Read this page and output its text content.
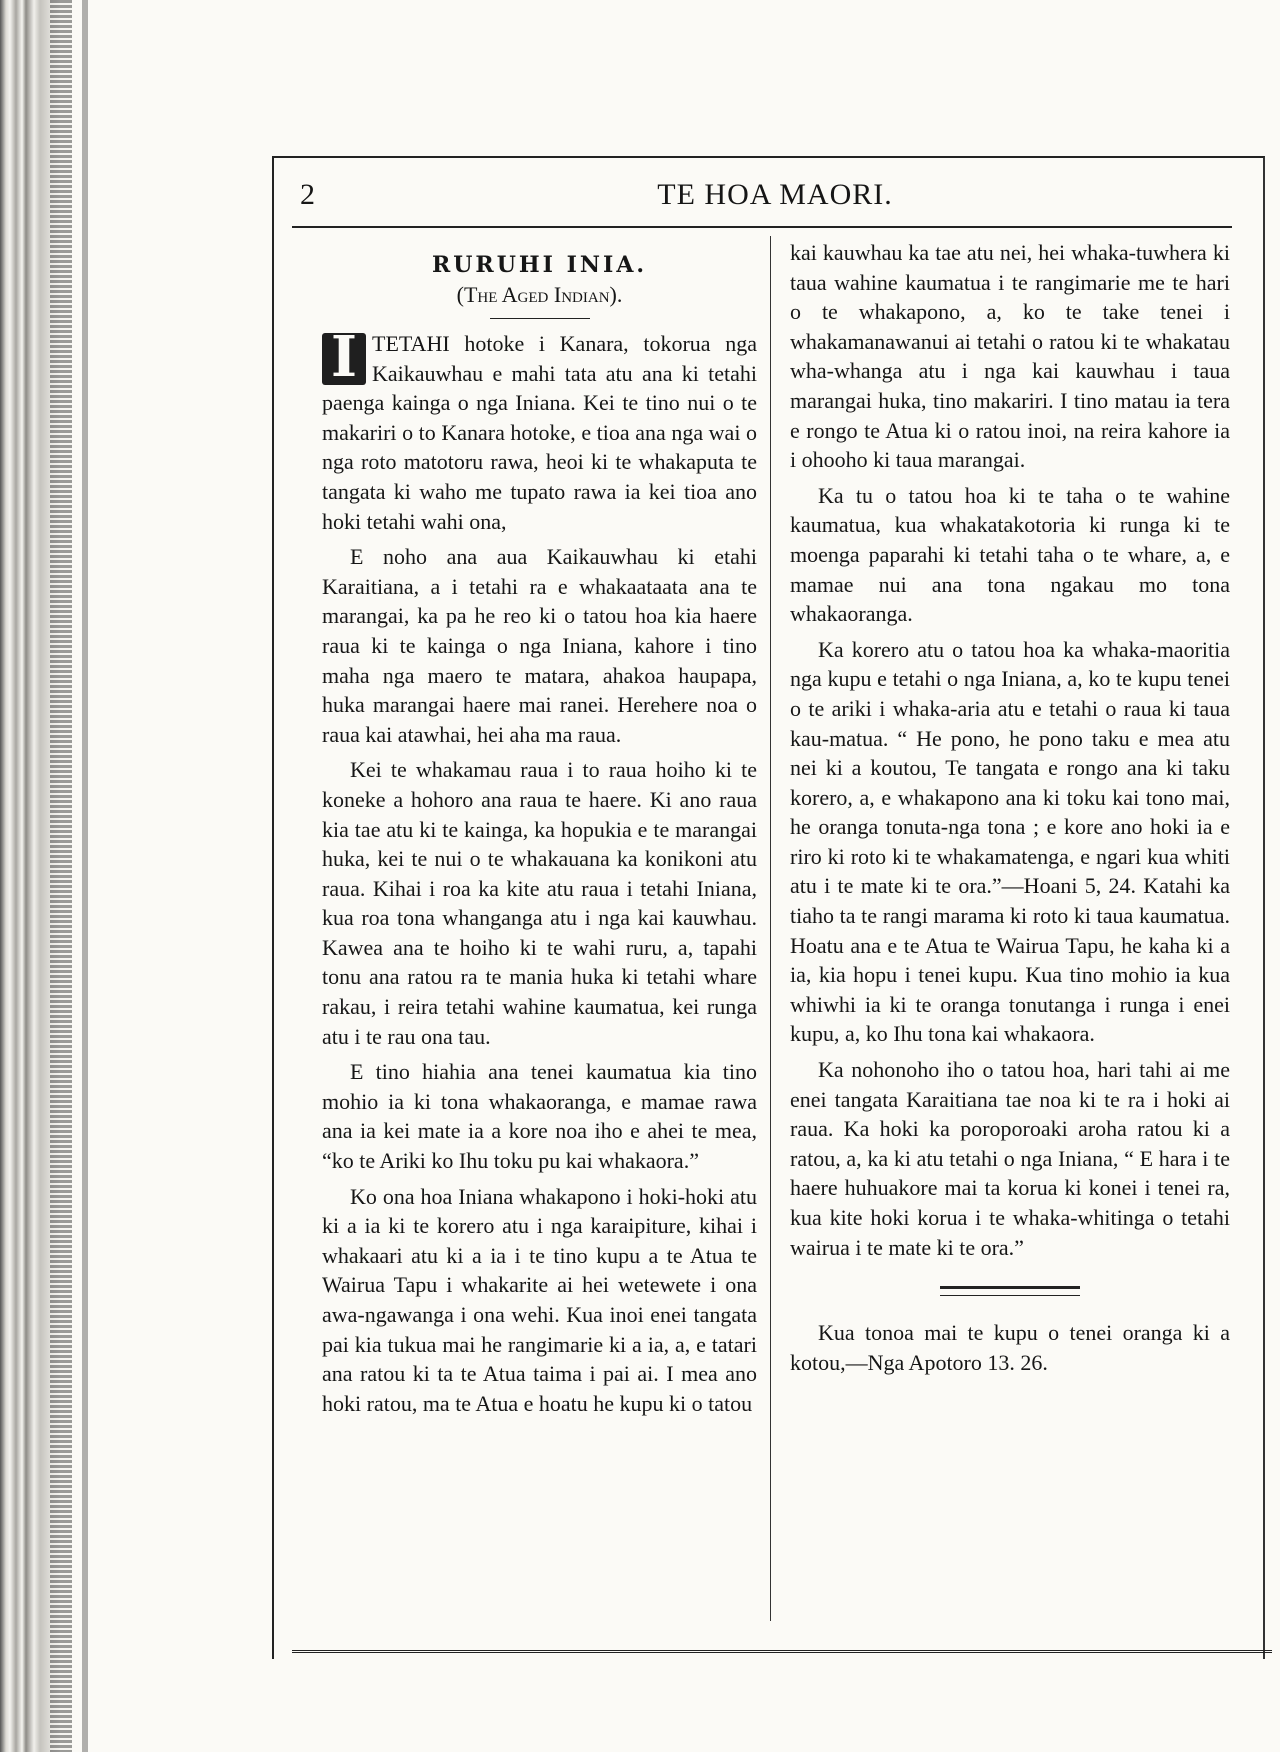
2	TE HOA MAORI.
RURUHI INIA.
(The Aged Indian).

I TETAHI hotoke i Kanara, tokorua nga Kaikauwhau e mahi tata atu ana ki tetahi paenga kainga o nga Iniana. Kei te tino nui o te makariri o to Kanara hotoke, e tioa ana nga wai o nga roto matotoru rawa, heoi ki te whakaputa te tangata ki waho me tupato rawa ia kei tioa ano hoki tetahi wahi ona,

E noho ana aua Kaikauwhau ki etahi Karaitiana, a i tetahi ra e whakaataata ana te marangai, ka pa he reo ki o tatou hoa kia haere raua ki te kainga o nga Iniana, kahore i tino maha nga maero te matara, ahakoa haupapa, huka marangai haere mai ranei. Herehere noa o raua kai atawhai, hei aha ma raua.

Kei te whakamau raua i to raua hoiho ki te koneke a hohoro ana raua te haere. Ki ano raua kia tae atu ki te kainga, ka hopukia e te marangai huka, kei te nui o te whakauana ka konikoni atu raua. Kihai i roa ka kite atu raua i tetahi Iniana, kua roa tona whanganga atu i nga kai kauwhau. Kawea ana te hoiho ki te wahi ruru, a, tapahi tonu ana ratou ra te mania huka ki tetahi whare rakau, i reira tetahi wahine kaumatua, kei runga atu i te rau ona tau.

E tino hiahia ana tenei kaumatua kia tino mohio ia ki tona whakaoranga, e mamae rawa ana ia kei mate ia a kore noa iho e ahei te mea, “ko te Ariki ko Ihu toku pu kai whakaora.”

Ko ona hoa Iniana whakapono i hoki-hoki atu ki a ia ki te korero atu i nga karaipiture, kihai i whakaari atu ki a ia i te tino kupu a te Atua te Wairua Tapu i whakarite ai hei wetewete i ona awa-ngawanga i ona wehi. Kua inoi enei tangata pai kia tukua mai he rangimarie ki a ia, a, e tatari ana ratou ki ta te Atua taima i pai ai. I mea ano hoki ratou, ma te Atua e hoatu he kupu ki o tatou

kai kauwhau ka tae atu nei, hei whaka-tuwhera ki taua wahine kaumatua i te rangimarie me te hari o te whakapono, a, ko te take tenei i whakamanawanui ai tetahi o ratou ki te whakatau wha-whanga atu i nga kai kauwhau i taua marangai huka, tino makariri. I tino matau ia tera e rongo te Atua ki o ratou inoi, na reira kahore ia i ohooho ki taua marangai.

Ka tu o tatou hoa ki te taha o te wahine kaumatua, kua whakatakotoria ki runga ki te moenga paparahi ki tetahi taha o te whare, a, e mamae nui ana tona ngakau mo tona whakaoranga.

Ka korero atu o tatou hoa ka whaka-maoritia nga kupu e tetahi o nga Iniana, a, ko te kupu tenei o te ariki i whaka-aria atu e tetahi o raua ki taua kau-matua. “ He pono, he pono taku e mea atu nei ki a koutou, Te tangata e rongo ana ki taku korero, a, e whakapono ana ki toku kai tono mai, he oranga tonuta-nga tona ; e kore ano hoki ia e riro ki roto ki te whakamatenga, e ngari kua whiti atu i te mate ki te ora.”—Hoani 5, 24. Katahi ka tiaho ta te rangi marama ki roto ki taua kaumatua. Hoatu ana e te Atua te Wairua Tapu, he kaha ki a ia, kia hopu i tenei kupu. Kua tino mohio ia kua whiwhi ia ki te oranga tonutanga i runga i enei kupu, a, ko Ihu tona kai whakaora.

Ka nohonoho iho o tatou hoa, hari tahi ai me enei tangata Karaitiana tae noa ki te ra i hoki ai raua. Ka hoki ka poroporoaki aroha ratou ki a ratou, a, ka ki atu tetahi o nga Iniana, “ E hara i te haere huhuakore mai ta korua ki konei i tenei ra, kua kite hoki korua i te whaka-whitinga o tetahi wairua i te mate ki te ora.”

Kua tonoa mai te kupu o tenei oranga ki a kotou,—Nga Apotoro 13. 26.
